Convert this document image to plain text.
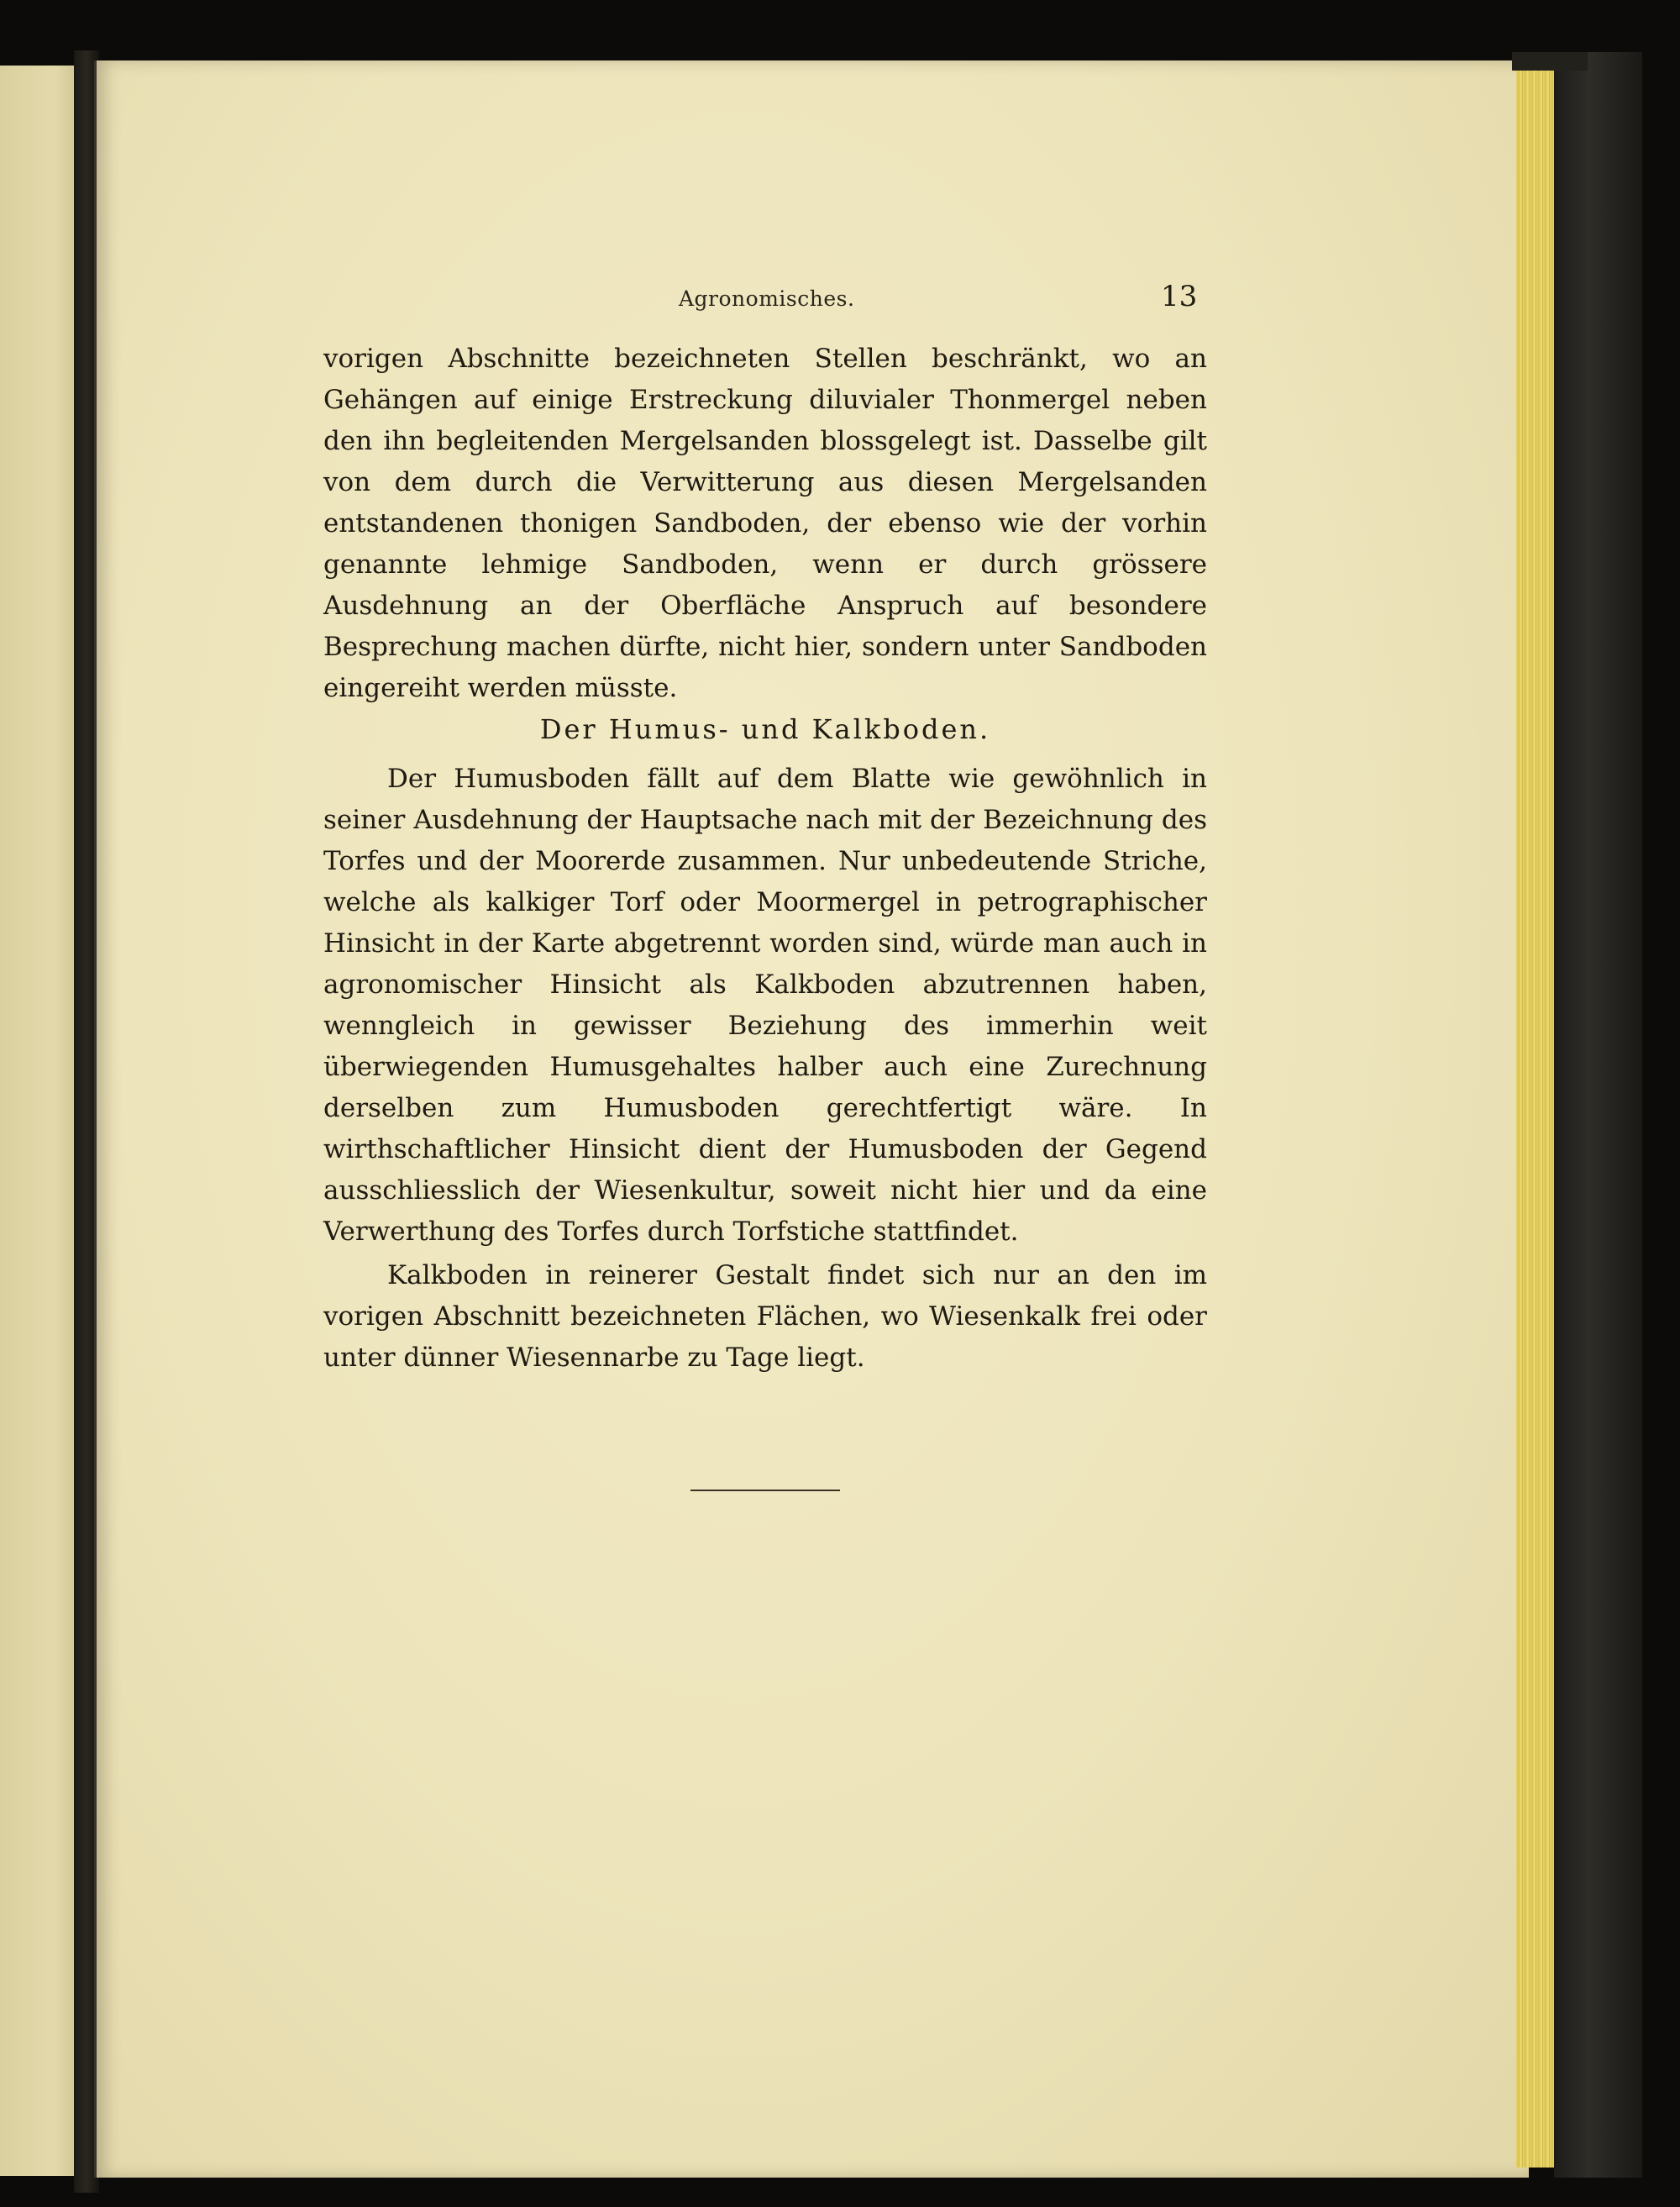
Agronomisches.	13

vorigen Abschnitte bezeichneten Stellen beschränkt, wo an Gehängen auf einige Erstreckung diluvialer Thonmergel neben den ihn begleitenden Mergelsanden blossgelegt ist. Dasselbe gilt von dem durch die Verwitterung aus diesen Mergelsanden entstandenen thonigen Sandboden, der ebenso wie der vorhin genannte lehmige Sandboden, wenn er durch grössere Ausdehnung an der Oberfläche Anspruch auf besondere Besprechung machen dürfte, nicht hier, sondern unter Sandboden eingereiht werden müsste.

Der Humus- und Kalkboden.

Der Humusboden fällt auf dem Blatte wie gewöhnlich in seiner Ausdehnung der Hauptsache nach mit der Bezeichnung des Torfes und der Moorerde zusammen. Nur unbedeutende Striche, welche als kalkiger Torf oder Moormergel in petrographischer Hinsicht in der Karte abgetrennt worden sind, würde man auch in agronomischer Hinsicht als Kalkboden abzutrennen haben, wenngleich in gewisser Beziehung des immerhin weit überwiegenden Humusgehaltes halber auch eine Zurechnung derselben zum Humusboden gerechtfertigt wäre. In wirthschaftlicher Hinsicht dient der Humusboden der Gegend ausschliesslich der Wiesenkultur, soweit nicht hier und da eine Verwerthung des Torfes durch Torfstiche stattfindet.

Kalkboden in reinerer Gestalt findet sich nur an den im vorigen Abschnitt bezeichneten Flächen, wo Wiesenkalk frei oder unter dünner Wiesennarbe zu Tage liegt.
